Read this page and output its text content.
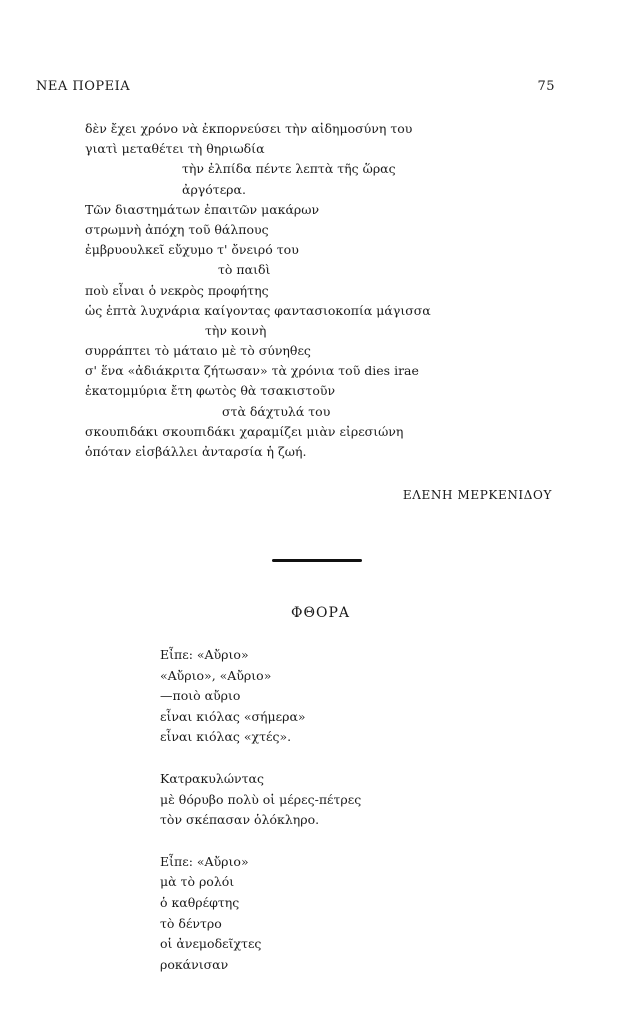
ΝΕΑ ΠΟΡΕΙΑ	75
δὲν ἔχει χρόνο νὰ ἐκπορνεύσει τὴν αἰδημοσύνη του
γιατὶ μεταθέτει τὴ θηριωδία
τὴν ἐλπίδα πέντε λεπτὰ τῆς ὥρας
ἀργότερα.
Τῶν διαστημάτων ἐπαιτῶν μακάρων
στρωμνὴ ἀπόχη τοῦ θάλπους
ἐμβρυουλκεῖ εὔχυμο τ' ὄνειρό του
τὸ παιδὶ
ποὺ εἶναι ὁ νεκρὸς προφήτης
ὡς ἑπτὰ λυχνάρια καίγοντας φαντασιοκοπία μάγισσα
τὴν κοινὴ
συρράπτει τὸ μάταιο μὲ τὸ σύνηθες
σ' ἕνα «ἀδιάκριτα ζήτωσαν» τὰ χρόνια τοῦ dies irae
ἑκατομμύρια ἔτη φωτὸς θὰ τσακιστοῦν
στὰ δάχτυλά του
σκουπιδάκι σκουπιδάκι χαραμίζει μιὰν εἰρεσιώνη
ὁπόταν εἰσβάλλει ἀνταρσία ἡ ζωή.
ΕΛΕΝΗ ΜΕΡΚΕΝΙΔΟΥ
ΦΘΟΡΑ
Εἶπε: «Αὔριο»
«Αὔριο», «Αὔριο»
—ποιὸ αὔριο
εἶναι κιόλας «σήμερα»
εἶναι κιόλας «χτές».
Κατρακυλώντας
μὲ θόρυβο πολὺ οἱ μέρες-πέτρες
τὸν σκέπασαν ὁλόκληρο.
Εἶπε: «Αὔριο»
μὰ τὸ ρολόι
ὁ καθρέφτης
τὸ δέντρο
οἱ ἀνεμοδεῖχτες
ροκάνισαν
